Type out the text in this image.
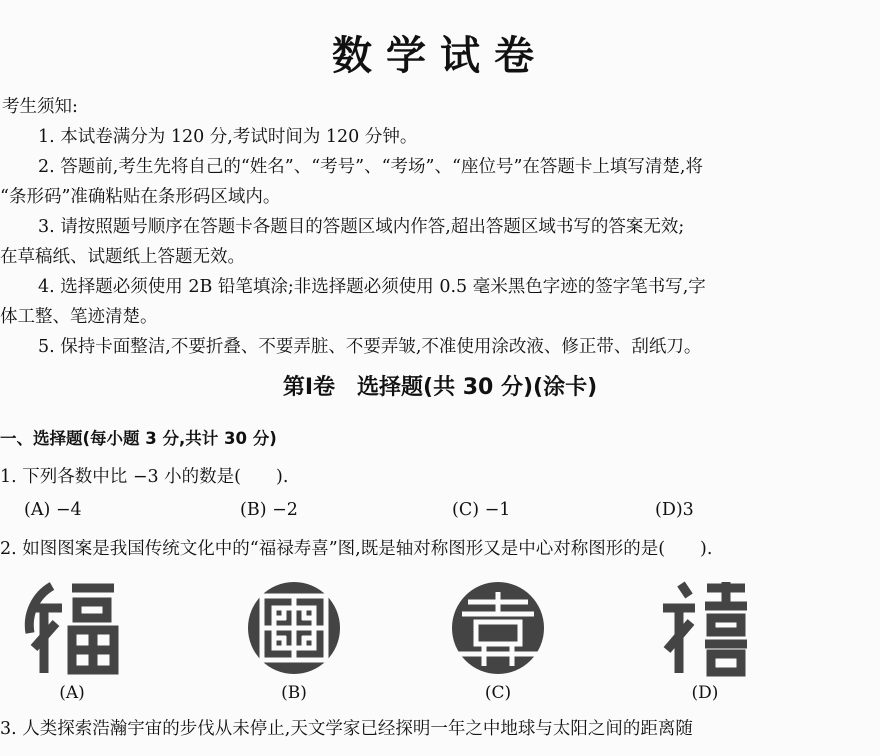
数学试卷
考生须知:
1. 本试卷满分为 120 分,考试时间为 120 分钟。
2. 答题前,考生先将自己的“姓名”、“考号”、“考场”、“座位号”在答题卡上填写清楚,将
“条形码”准确粘贴在条形码区域内。
3. 请按照题号顺序在答题卡各题目的答题区域内作答,超出答题区域书写的答案无效;
在草稿纸、试题纸上答题无效。
4. 选择题必须使用 2B 铅笔填涂;非选择题必须使用 0.5 毫米黑色字迹的签字笔书写,字
体工整、笔迹清楚。
5. 保持卡面整洁,不要折叠、不要弄脏、不要弄皱,不准使用涂改液、修正带、刮纸刀。
第Ⅰ卷　选择题(共 30 分)(涂卡)
一、选择题(每小题 3 分,共计 30 分)
1. 下列各数中比 −3 小的数是(　　).
(A) −4	(B) −2	(C) −1	(D)3
2. 如图图案是我国传统文化中的“福禄寿喜”图,既是轴对称图形又是中心对称图形的是(　　).
(A)	(B)	(C)	(D)
3. 人类探索浩瀚宇宙的步伐从未停止,天文学家已经探明一年之中地球与太阳之间的距离随
